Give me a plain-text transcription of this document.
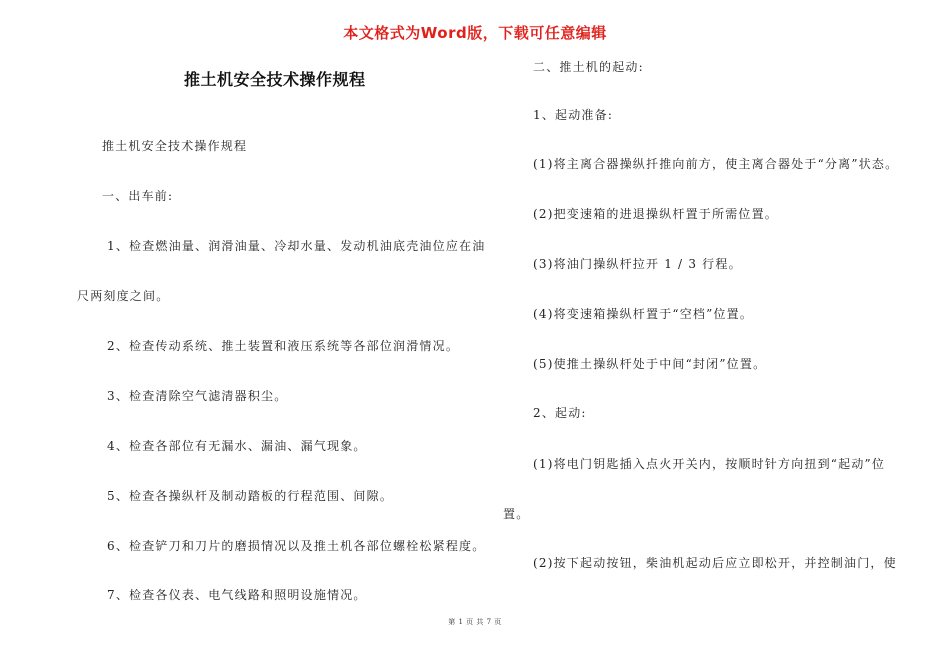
本文格式为Word版，下载可任意编辑
推土机安全技术操作规程
推土机安全技术操作规程
一、出车前:
1、检查燃油量、润滑油量、冷却水量、发动机油底壳油位应在油
尺两刻度之间。
2、检查传动系统、推土装置和液压系统等各部位润滑情况。
3、检查清除空气滤清器积尘。
4、检查各部位有无漏水、漏油、漏气现象。
5、检查各操纵杆及制动踏板的行程范围、间隙。
6、检查铲刀和刀片的磨损情况以及推土机各部位螺栓松紧程度。
7、检查各仪表、电气线路和照明设施情况。
二、推土机的起动:
1、起动准备:
(1)将主离合器操纵扦推向前方，使主离合器处于“分离”状态。
(2)把变速箱的进退操纵杆置于所需位置。
(3)将油门操纵杆拉开 1 / 3 行程。
(4)将变速箱操纵杆置于“空档”位置。
(5)使推土操纵杆处于中间“封闭”位置。
2、起动:
(1)将电门钥匙插入点火开关内，按顺时针方向扭到“起动”位
置。
(2)按下起动按钮，柴油机起动后应立即松开，并控制油门，使
第 1 页 共 7 页
